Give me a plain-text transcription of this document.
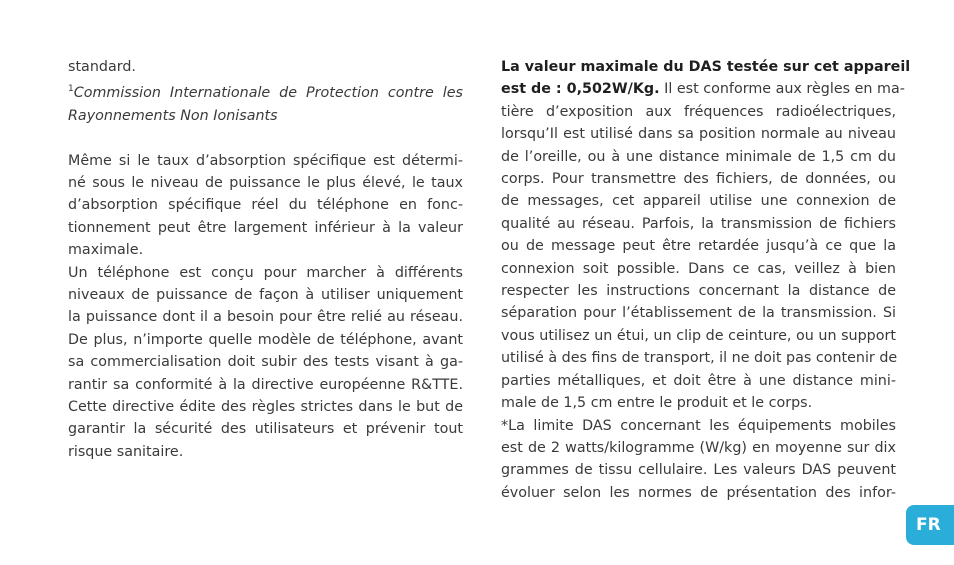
standard.
$^1$Commission Internationale de Protection contre les
Rayonnements Non Ionisants
Même si le taux d’absorption spécifique est détermi-
né sous le niveau de puissance le plus élevé, le taux
d’absorption spécifique réel du téléphone en fonc-
tionnement peut être largement inférieur à la valeur
maximale.
Un téléphone est conçu pour marcher à différents
niveaux de puissance de façon à utiliser uniquement
la puissance dont il a besoin pour être relié au réseau.
De plus, n’importe quelle modèle de téléphone, avant
sa commercialisation doit subir des tests visant à ga-
rantir sa conformité à la directive européenne R&TTE.
Cette directive édite des règles strictes dans le but de
garantir la sécurité des utilisateurs et prévenir tout
risque sanitaire.
La valeur maximale du DAS testée sur cet appareil
est de : 0,502W/Kg. Il est conforme aux règles en ma-
tière d’exposition aux fréquences radioélectriques,
lorsqu’Il est utilisé dans sa position normale au niveau
de l’oreille, ou à une distance minimale de 1,5 cm du
corps. Pour transmettre des fichiers, de données, ou
de messages, cet appareil utilise une connexion de
qualité au réseau. Parfois, la transmission de fichiers
ou de message peut être retardée jusqu’à ce que la
connexion soit possible. Dans ce cas, veillez à bien
respecter les instructions concernant la distance de
séparation pour l’établissement de la transmission. Si
vous utilisez un étui, un clip de ceinture, ou un support
utilisé à des fins de transport, il ne doit pas contenir de
parties métalliques, et doit être à une distance mini-
male de 1,5 cm entre le produit et le corps.
*La limite DAS concernant les équipements mobiles
est de 2 watts/kilogramme (W/kg) en moyenne sur dix
grammes de tissu cellulaire. Les valeurs DAS peuvent
évoluer selon les normes de présentation des infor-
FR
